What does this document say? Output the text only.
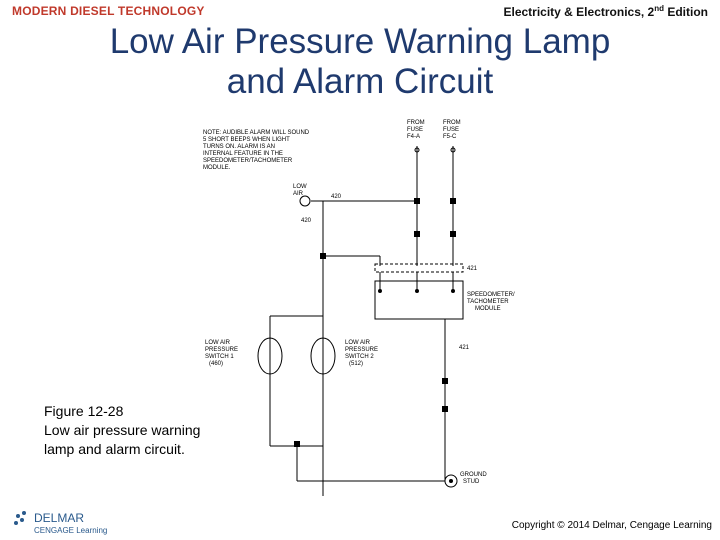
MODERN DIESEL TECHNOLOGY	Electricity & Electronics, 2nd Edition
Low Air Pressure Warning Lamp
and Alarm Circuit
NOTE: AUDIBLE ALARM WILL SOUND
5 SHORT BEEPS WHEN LIGHT
TURNS ON. ALARM IS AN
INTERNAL FEATURE IN THE
SPEEDOMETER/TACHOMETER
MODULE.
FROM
FUSE
F4-A
FROM
FUSE
F5-C
LOW
AIR	420
420
421
421
SPEEDOMETER/
TACHOMETER
MODULE
LOW AIR
PRESSURE
SWITCH 1
(460)
LOW AIR
PRESSURE
SWITCH 2
(512)
GROUND
STUD
Figure 12-28
Low air pressure warning lamp and alarm circuit.
DELMAR
CENGAGE Learning	Copyright © 2014 Delmar, Cengage Learning
